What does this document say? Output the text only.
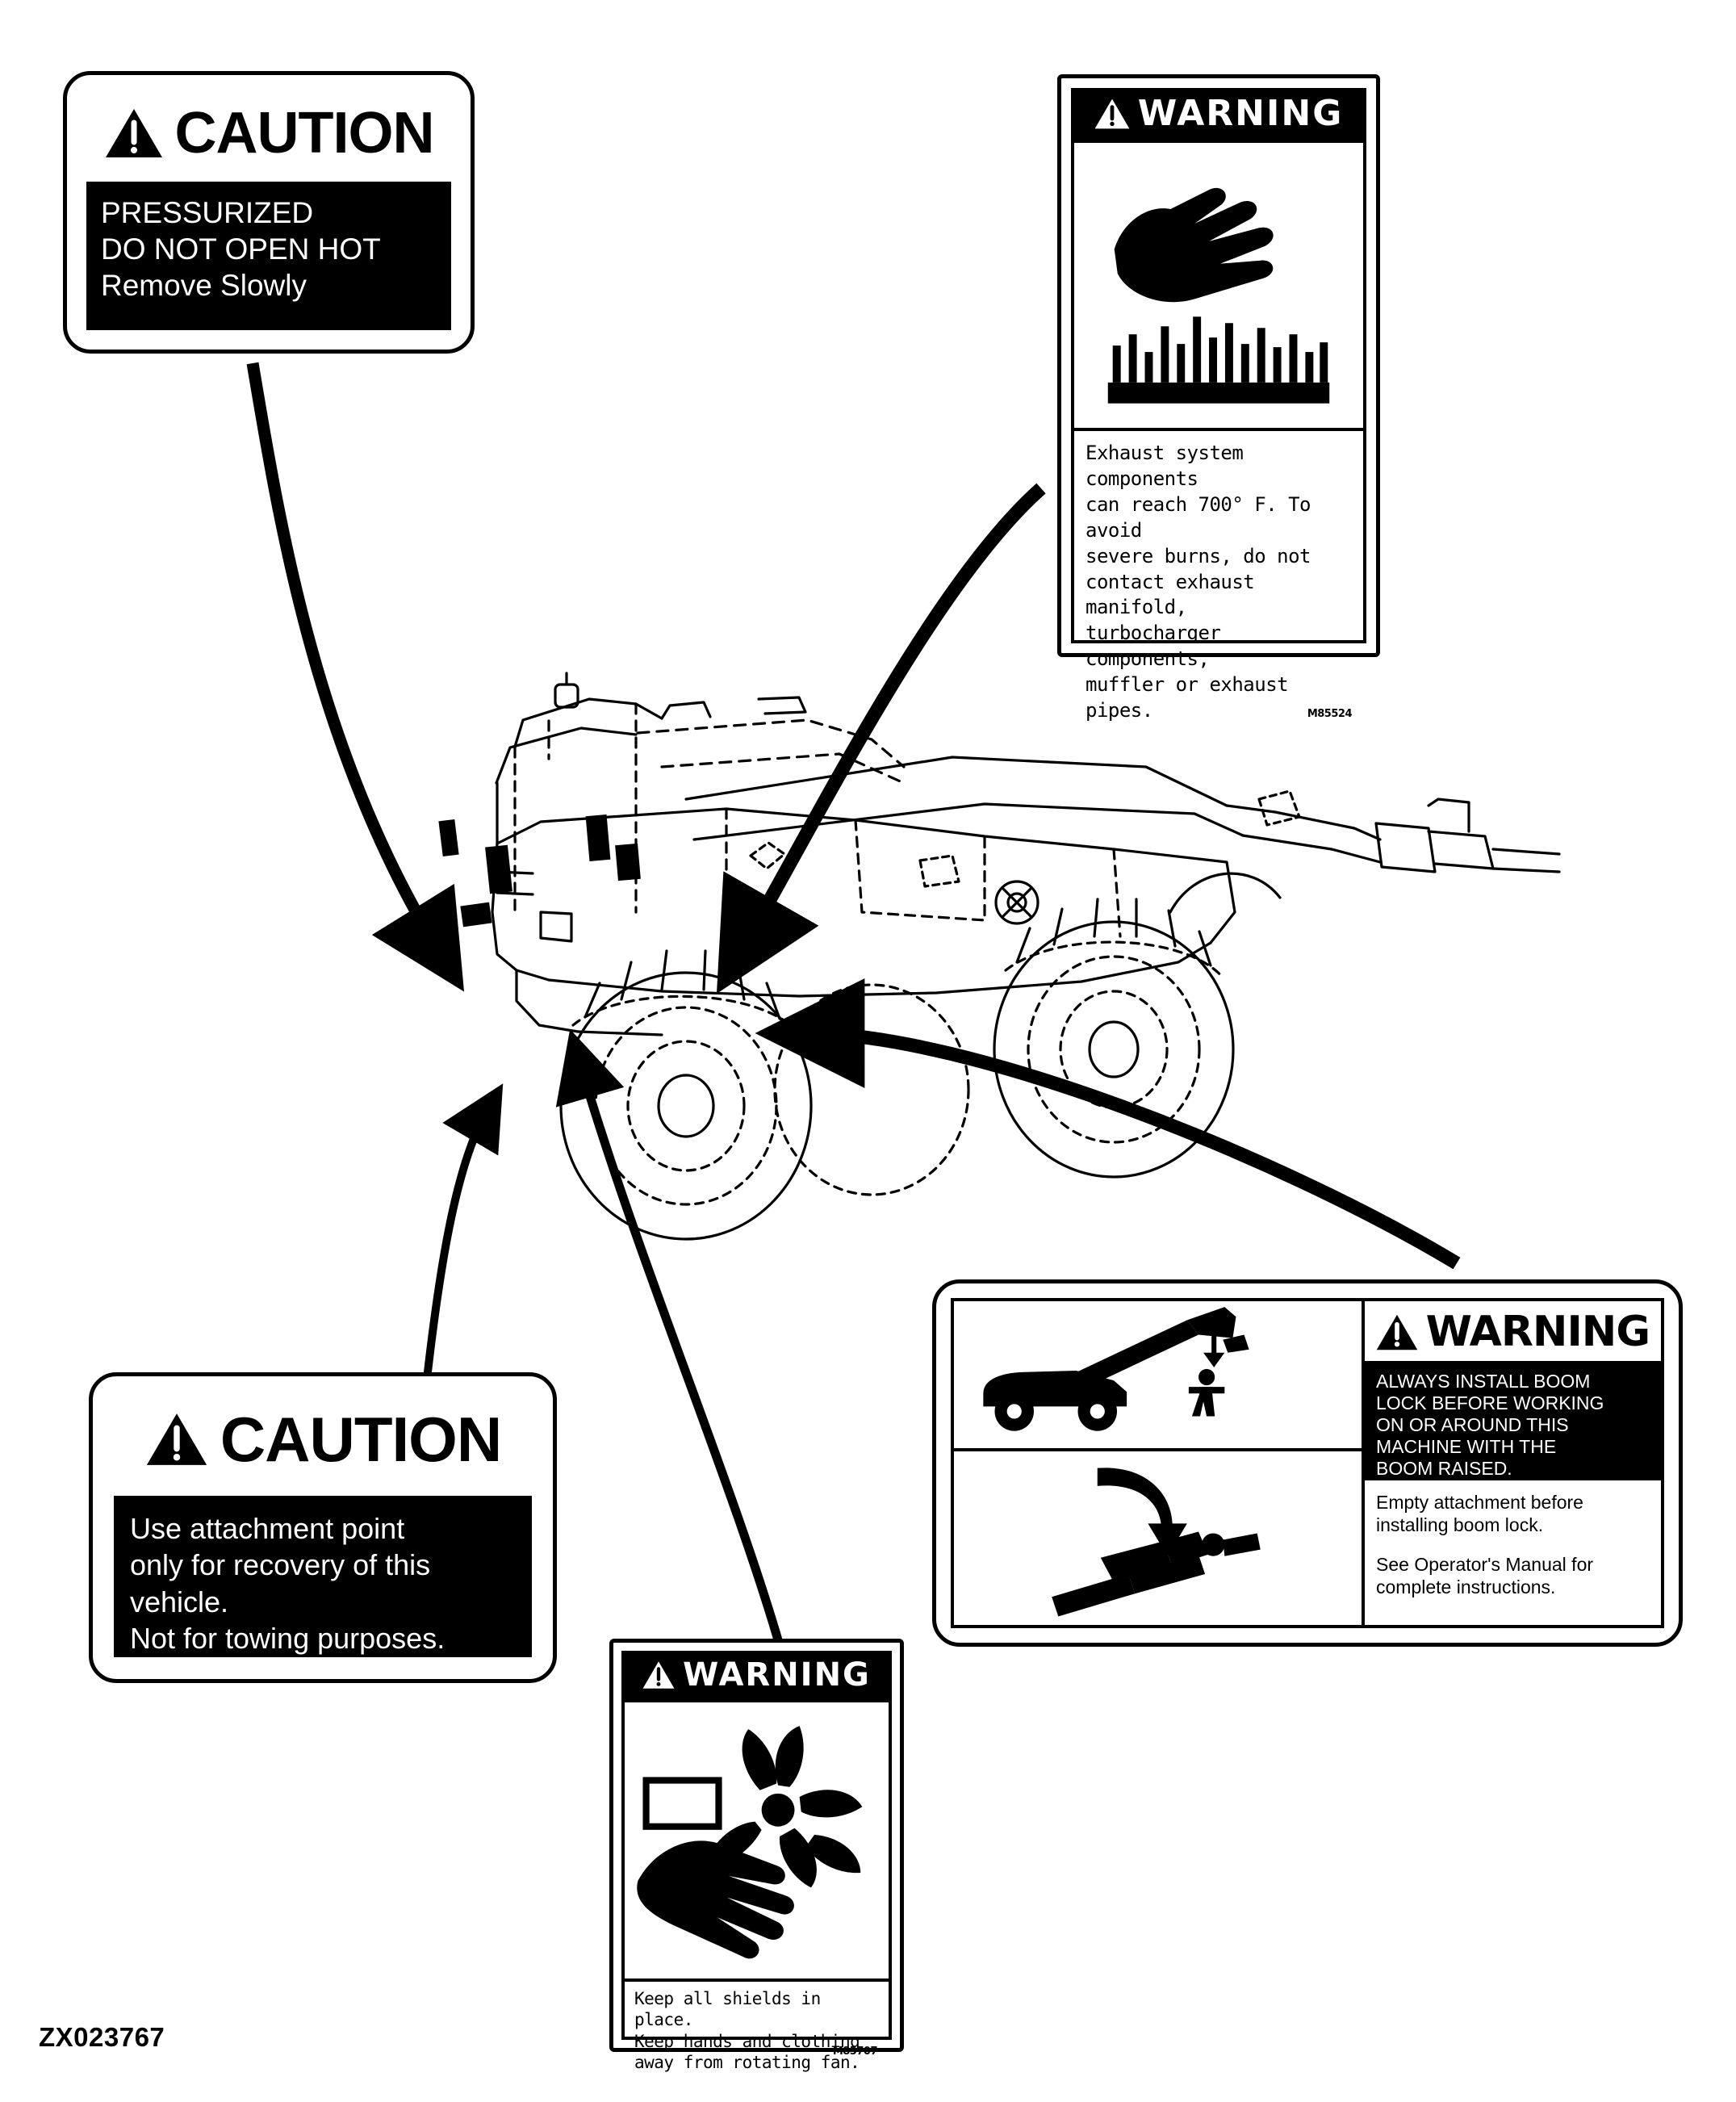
CAUTION
PRESSURIZED
DO NOT OPEN HOT
Remove Slowly
CAUTION
Use attachment point
only for recovery of this
vehicle.
Not for towing purposes.
WARNING
Exhaust system components
can reach 700° F. To avoid
severe burns, do not
contact exhaust manifold,
turbocharger components,
muffler or exhaust pipes.	M85524
WARNING
Keep all shields in place.
Keep hands and clothing
away from rotating fan.
M85707
WARNING
ALWAYS INSTALL BOOM
LOCK BEFORE WORKING
ON OR AROUND THIS
MACHINE WITH THE
BOOM RAISED.

Empty attachment before installing boom lock.

See Operator's Manual for complete instructions.

ZX023767
